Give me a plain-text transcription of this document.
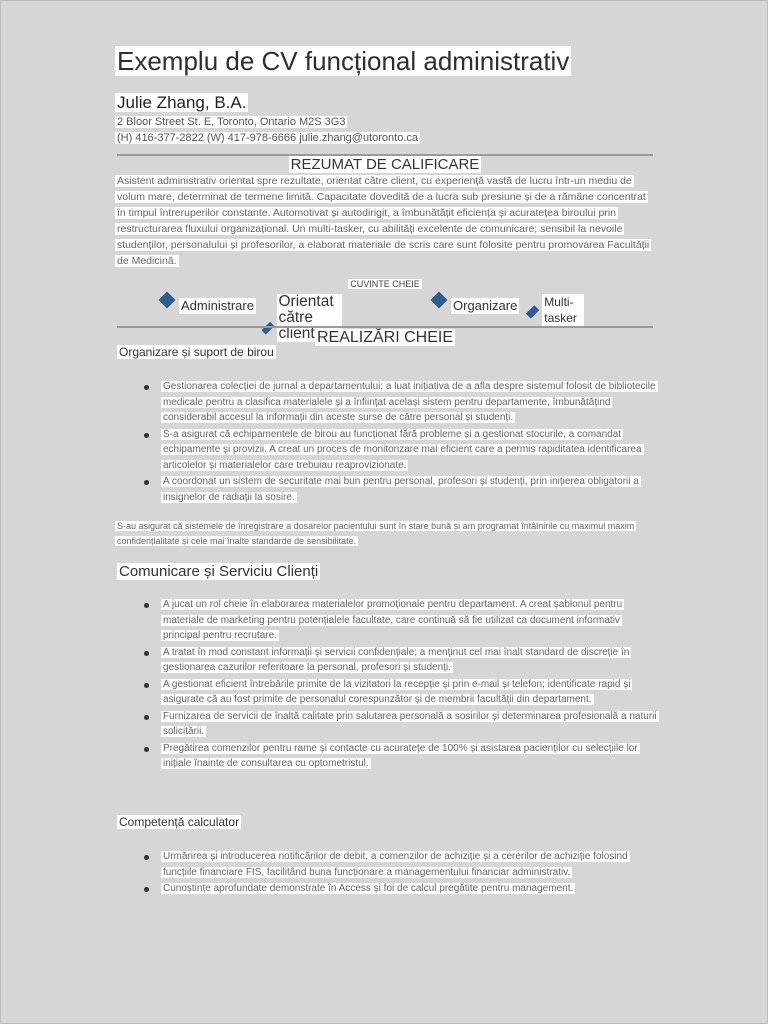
Exemplu de CV funcțional administrativ
Julie Zhang, B.A.
2 Bloor Street St. E, Toronto, Ontario M2S 3G3
(H) 416-377-2822 (W) 417-978-6666 julie.zhang@utoronto.ca
REZUMAT DE CALIFICARE
Asistent administrativ orientat spre rezultate, orientat către client, cu experiență vastă de lucru într-un mediu de volum mare, determinat de termene limită. Capacitate dovedită de a lucra sub presiune și de a rămâne concentrat în timpul întreruperilor constante. Automotivat și autodirigit, a îmbunătățit eficiența și acuratețea biroului prin restructurarea fluxului organizațional. Un multi-tasker, cu abilități excelente de comunicare; sensibil la nevoile studenților, personalului și profesorilor, a elaborat materiale de scris care sunt folosite pentru promovarea Facultății de Medicină.
CUVINTE CHEIE
Administrare Orientat către client
Organizare Multi-tasker
REALIZĂRI CHEIE
Organizare și suport de birou
Gestionarea colecției de jurnal a departamentului; a luat inițiativa de a afla despre sistemul folosit de bibliotecile medicale pentru a clasifica materialele și a înființat același sistem pentru departamente, îmbunătățind considerabil accesul la informații din aceste surse de către personal și studenți.
S-a asigurat că echipamentele de birou au funcționat fără probleme și a gestionat stocurile, a comandat echipamente și provizii. A creat un proces de monitorizare mai eficient care a permis rapiditatea identificarea articolelor și materialelor care trebuiau reaprovizionate.
A coordonat un sistem de securitate mai bun pentru personal, profesori și studenți, prin inițierea obligatorii a insignelor de radiații la sosire.
S-au asigurat că sistemele de înregistrare a dosarelor pacientului sunt în stare bună și am programat întâlnirile cu maximul maxim confidențialitate și cele mai înalte standarde de sensibilitate.
Comunicare și Serviciu Clienți
A jucat un rol cheie în elaborarea materialelor promoționale pentru departament. A creat șablonul pentru materiale de marketing pentru potențialele facultate, care continuă să fie utilizat ca document informativ principal pentru recrutare.
A tratat în mod constant informații și servicii confidențiale; a menținut cel mai înalt standard de discreție în gestionarea cazurilor referitoare la personal, profesori și studenți.
A gestionat eficient întrebările primite de la vizitatori la recepție și prin e-mail și telefon; identificate rapid și asigurate că au fost primite de personalul corespunzător și de membrii facultății din departament.
Furnizarea de servicii de înaltă calitate prin salutarea personală a sosirilor și determinarea profesională a naturii solicitării.
Pregătirea comenzilor pentru rame și contacte cu acuratețe de 100% și asistarea pacienților cu selecțiile lor inițiale înainte de consultarea cu optometristul.
Competență calculator
Urmărirea și introducerea notificărilor de debit, a comenzilor de achiziție și a cererilor de achiziție folosind funcțiile financiare FIS, facilitând buna funcționare a managementului financiar administrativ.
Cunoștințe aprofundate demonstrate în Access și foi de calcul pregătite pentru management.
